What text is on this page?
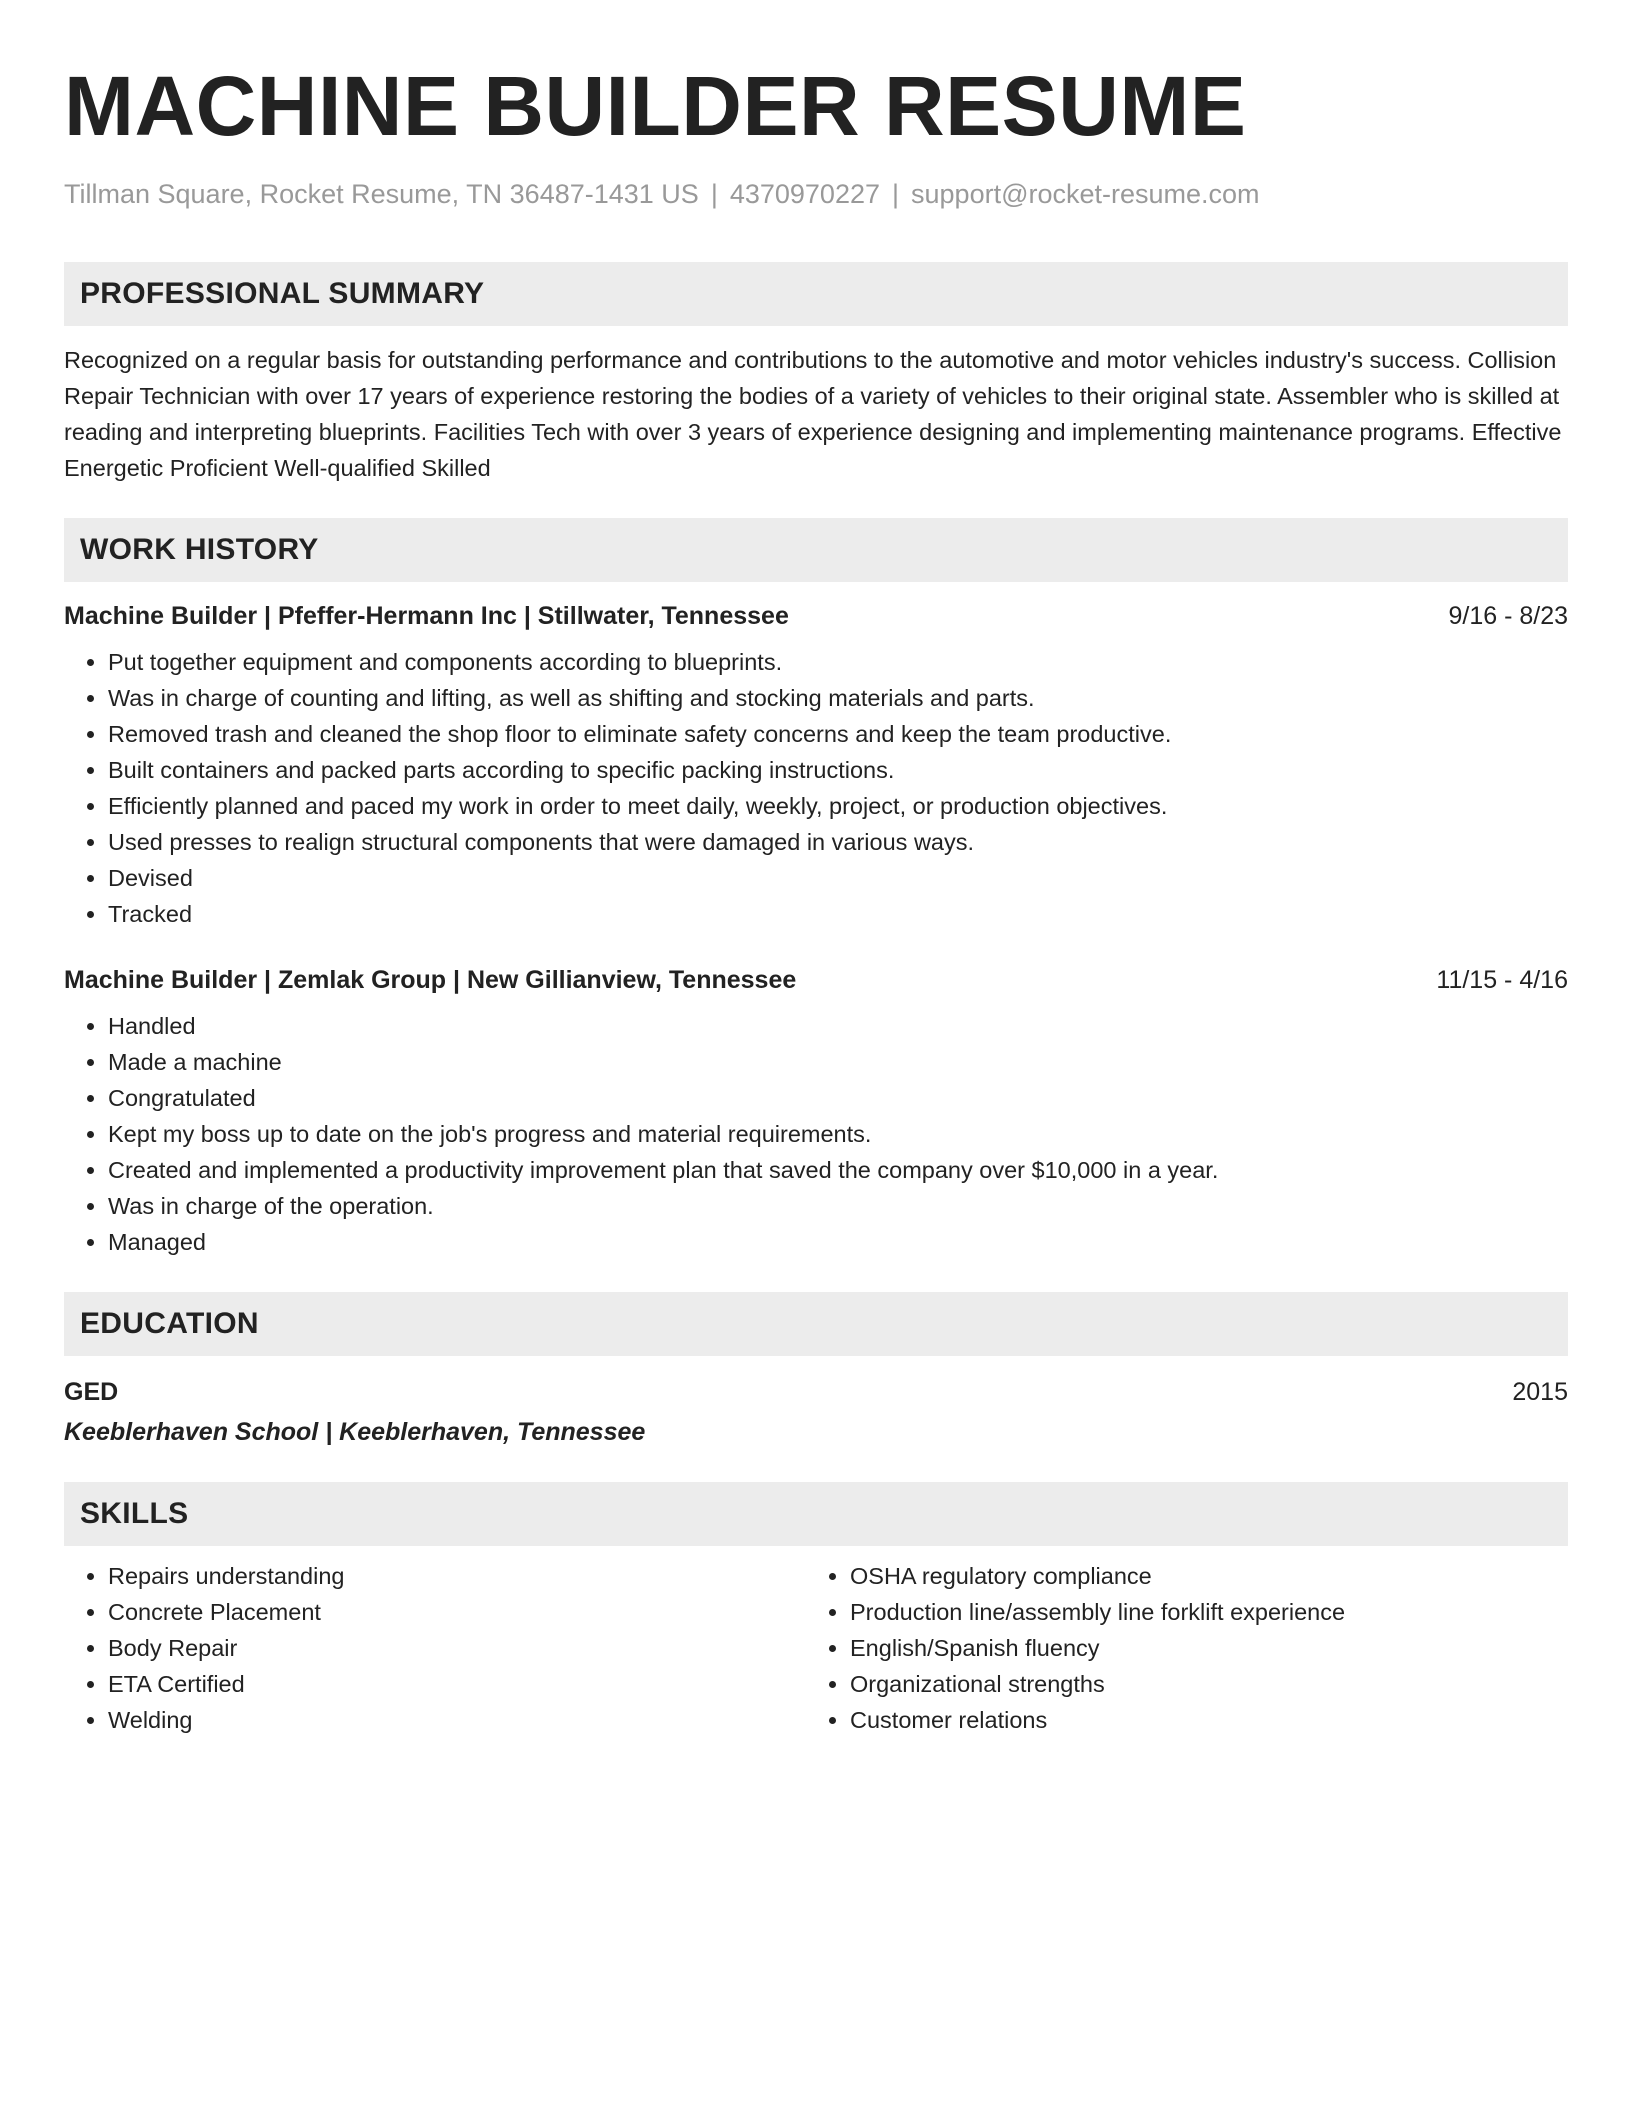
MACHINE BUILDER RESUME
Tillman Square, Rocket Resume, TN 36487-1431 US | 4370970227 | support@rocket-resume.com
PROFESSIONAL SUMMARY

Recognized on a regular basis for outstanding performance and contributions to the automotive and motor vehicles industry's success. Collision Repair Technician with over 17 years of experience restoring the bodies of a variety of vehicles to their original state. Assembler who is skilled at reading and interpreting blueprints. Facilities Tech with over 3 years of experience designing and implementing maintenance programs. Effective Energetic Proficient Well-qualified Skilled

WORK HISTORY
Machine Builder | Pfeffer-Hermann Inc | Stillwater, Tennessee	9/16 - 8/23
• Put together equipment and components according to blueprints.
• Was in charge of counting and lifting, as well as shifting and stocking materials and parts.
• Removed trash and cleaned the shop floor to eliminate safety concerns and keep the team productive.
• Built containers and packed parts according to specific packing instructions.
• Efficiently planned and paced my work in order to meet daily, weekly, project, or production objectives.
• Used presses to realign structural components that were damaged in various ways.
• Devised
• Tracked
Machine Builder | Zemlak Group | New Gillianview, Tennessee	11/15 - 4/16
• Handled
• Made a machine
• Congratulated
• Kept my boss up to date on the job's progress and material requirements.
• Created and implemented a productivity improvement plan that saved the company over $10,000 in a year.
• Was in charge of the operation.
• Managed
EDUCATION
GED	2015
Keeblerhaven School | Keeblerhaven, Tennessee
SKILLS
• Repairs understanding
• Concrete Placement
• Body Repair
• ETA Certified
• Welding
• OSHA regulatory compliance
• Production line/assembly line forklift experience
• English/Spanish fluency
• Organizational strengths
• Customer relations
